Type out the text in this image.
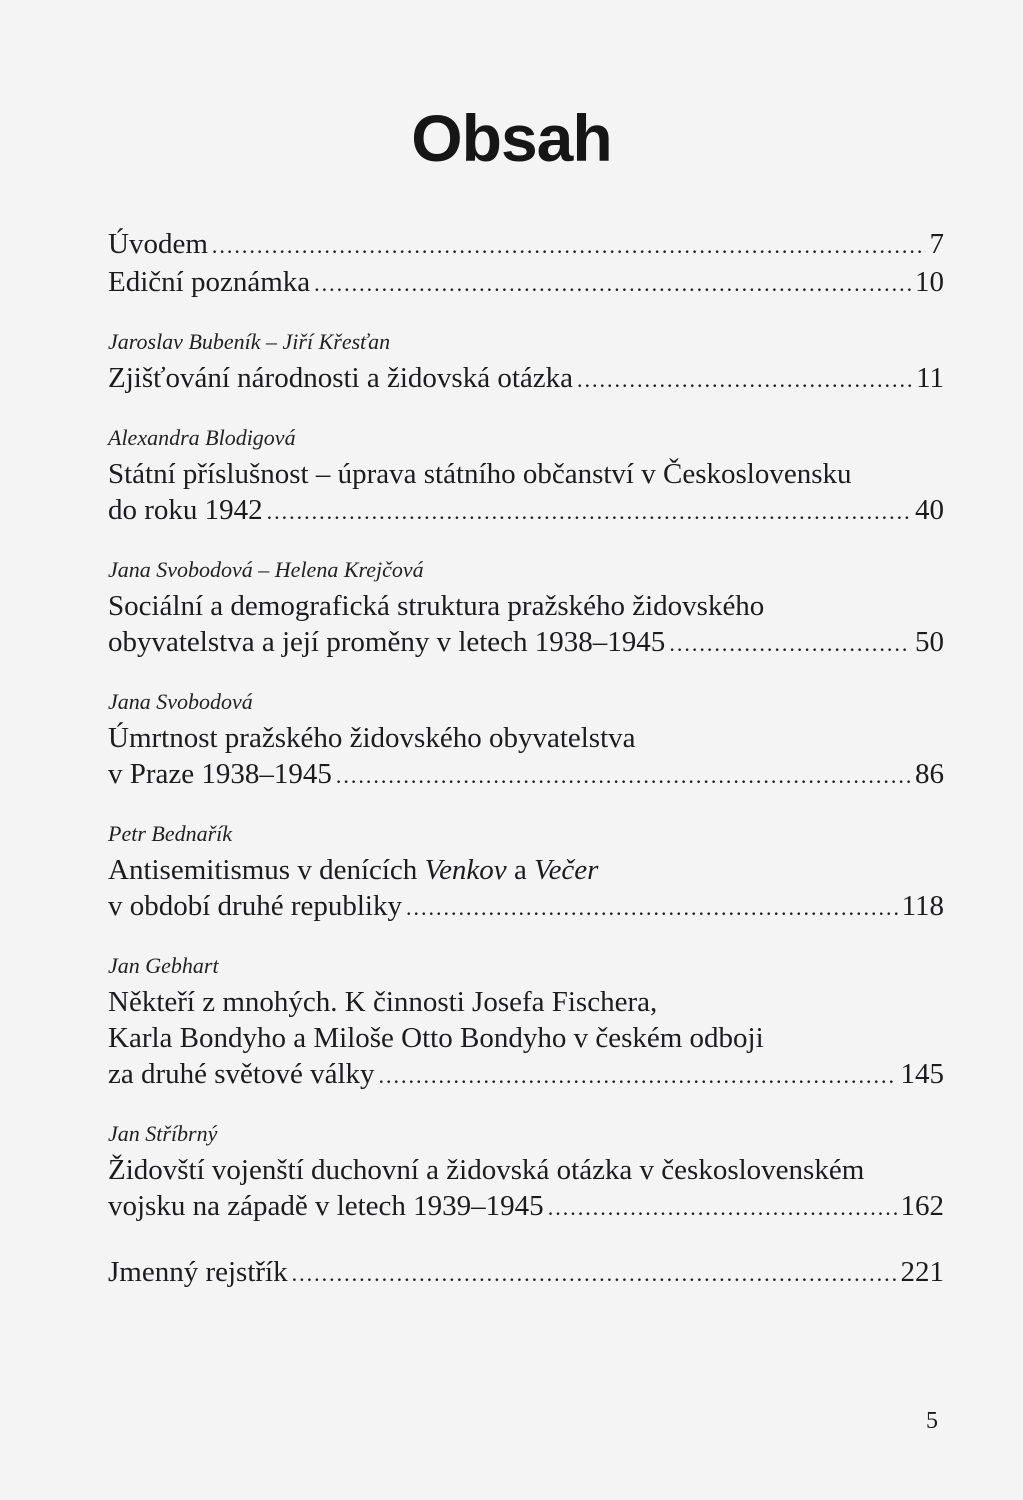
Obsah
Úvodem .....	7
Ediční poznámka .....	10
Jaroslav Bubeník – Jiří Křesťan
Zjišťování národnosti a židovská otázka .....	11
Alexandra Blodigová
Státní příslušnost – úprava státního občanství v Československu
do roku 1942 .....	40
Jana Svobodová – Helena Krejčová
Sociální a demografická struktura pražského židovského
obyvatelstva a její proměny v letech 1938–1945 .....	50
Jana Svobodová
Úmrtnost pražského židovského obyvatelstva
v Praze 1938–1945 .....	86
Petr Bednařík
Antisemitismus v denících Venkov a Večer
v období druhé republiky .....	118
Jan Gebhart
Někteří z mnohých. K činnosti Josefa Fischera,
Karla Bondyho a Miloše Otto Bondyho v českém odboji
za druhé světové války .....	145
Jan Stříbrný
Židovští vojenští duchovní a židovská otázka v československém
vojsku na západě v letech 1939–1945 .....	162
Jmenný rejstřík .....	221
5
